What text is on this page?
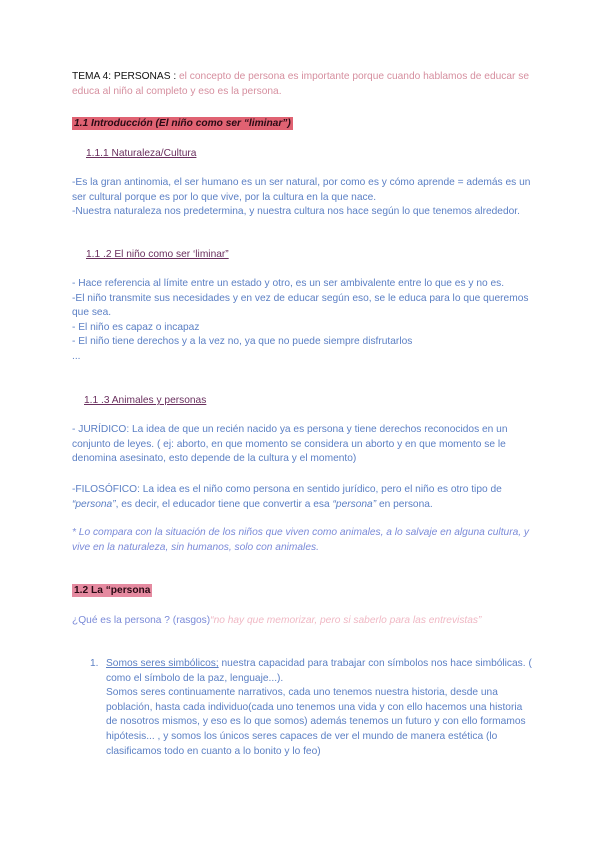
TEMA 4: PERSONAS : el concepto de persona es importante porque cuando hablamos de educar se educa al niño al completo y eso es la persona.
1.1 Introducción (El niño como ser “liminar”)
1.1.1 Naturaleza/Cultura

-Es la gran antinomia, el ser humano es un ser natural, por como es y cómo aprende = además es un ser cultural porque es por lo que vive, por la cultura en la que nace.

-Nuestra naturaleza nos predetermina, y nuestra cultura nos hace según lo que tenemos alrededor.

1.1 .2 El niño como ser ‘liminar”

- Hace referencia al límite entre un estado y otro, es un ser ambivalente entre lo que es y no es.

-El niño transmite sus necesidades y en vez de educar según eso, se le educa para lo que queremos que sea.

- El niño es capaz o incapaz

- El niño tiene derechos y a la vez no, ya que no puede siempre disfrutarlos

...

1.1 .3 Animales y personas
- JURÍDICO: La idea de que un recién nacido ya es persona y tiene derechos reconocidos en un conjunto de leyes. ( ej: aborto, en que momento se considera un aborto y en que momento se le denomina asesinato, esto depende de la cultura y el momento)
-FILOSÓFICO: La idea es el niño como persona en sentido jurídico, pero el niño es otro tipo de “persona”, es decir, el educador tiene que convertir a esa “persona” en persona.
* Lo compara con la situación de los niños que viven como animales, a lo salvaje en alguna cultura, y vive en la naturaleza, sin humanos, solo con animales.
1.2 La “persona
¿Qué es la persona ? (rasgos)“no hay que memorizar, pero si saberlo para las entrevistas”
1. Somos seres simbólicos; nuestra capacidad para trabajar con símbolos nos hace simbólicas. ( como el símbolo de la paz, lenguaje...).

Somos seres continuamente narrativos, cada uno tenemos nuestra historia, desde una población, hasta cada individuo(cada uno tenemos una vida y con ello hacemos una historia de nosotros mismos, y eso es lo que somos) además tenemos un futuro y con ello formamos hipótesis... , y somos los únicos seres capaces de ver el mundo de manera estética (lo clasificamos todo en cuanto a lo bonito y lo feo)
